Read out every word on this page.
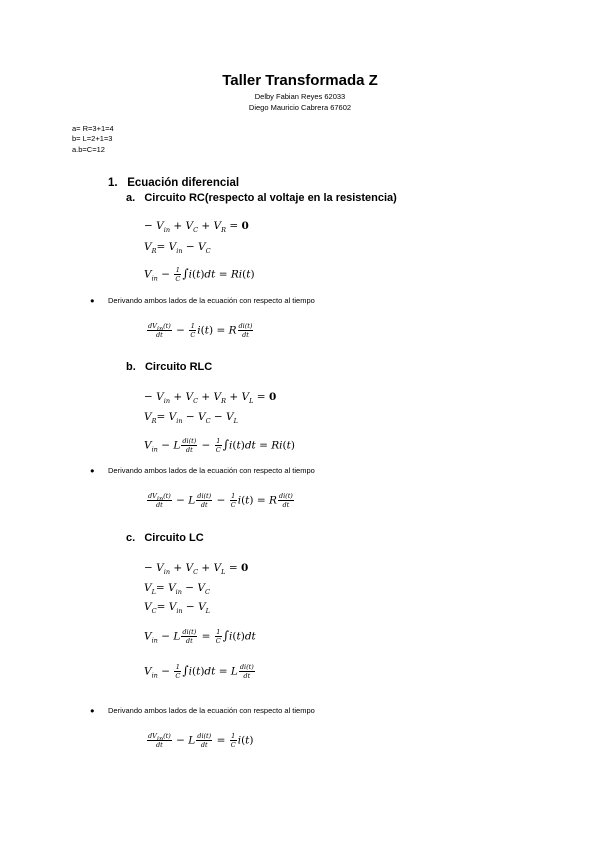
Taller Transformada Z
Delby Fabian Reyes 62033
Diego Mauricio Cabrera 67602
a= R=3+1=4
b= L=2+1=3
a.b=C=12
1. Ecuación diferencial
a. Circuito RC(respecto al voltaje en la resistencia)
− $V_{in} + V_C + V_R = 0$
$V_R= V_{in} - V_C$
$V_{in} - \frac{1}{C} \int i(t)dt = Ri(t)$
● Derivando ambos lados de la ecuación con respecto al tiempo
$\frac{dV_{in}(t)}{dt} - \frac{1}{C} i(t) = R \frac{di(t)}{dt}$
b. Circuito RLC
− $V_{in} + V_C + V_R + V_L = 0$
$V_R= V_{in} - V_C - V_L$
$V_{in} - L \frac{di(t)}{dt} - \frac{1}{C} \int i(t)dt = Ri(t)$
● Derivando ambos lados de la ecuación con respecto al tiempo
$\frac{dV_{in}(t)}{dt} - L \frac{di(t)}{dt} - \frac{1}{C} i(t) = R \frac{di(t)}{dt}$
c. Circuito LC
− $V_{in} + V_C + V_L = 0$
$V_L= V_{in} - V_C$
$V_C= V_{in} - V_L$
$V_{in} - L \frac{di(t)}{dt} = \frac{1}{C} \int i(t)dt$
$V_{in} - \frac{1}{C} \int i(t)dt = L \frac{di(t)}{dt}$
● Derivando ambos lados de la ecuación con respecto al tiempo
$\frac{dV_{in}(t)}{dt} - L \frac{di(t)}{dt} = \frac{1}{C} i(t)$
